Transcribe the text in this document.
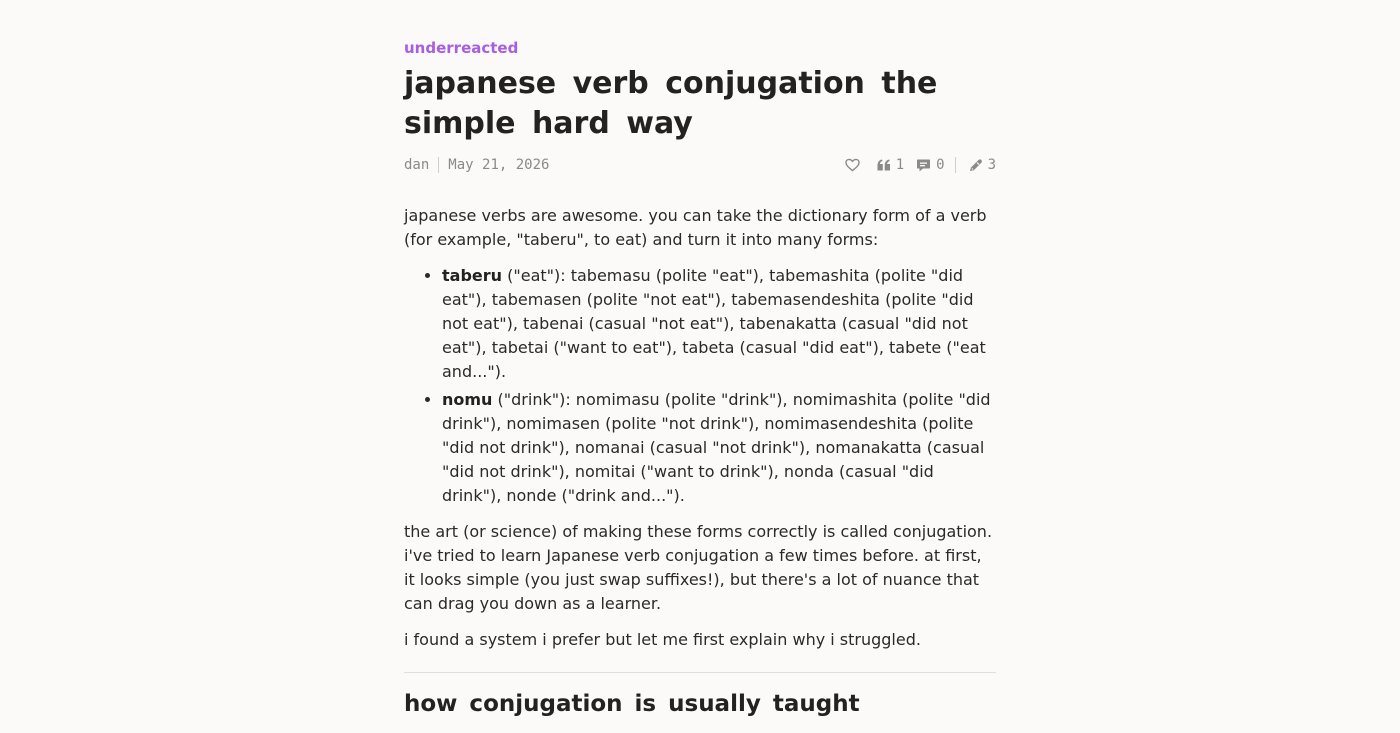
underreacted
japanese verb conjugation the simple hard way
dan May 21, 2026	1 0	3

japanese verbs are awesome. you can take the dictionary form of a verb (for example, "taberu", to eat) and turn it into many forms:

• taberu ("eat"): tabemasu (polite "eat"), tabemashita (polite "did eat"), tabemasen (polite "not eat"), tabemasendeshita (polite "did not eat"), tabenai (casual "not eat"), tabenakatta (casual "did not eat"), tabetai ("want to eat"), tabeta (casual "did eat"), tabete ("eat and...").
• nomu ("drink"): nomimasu (polite "drink"), nomimashita (polite "did drink"), nomimasen (polite "not drink"), nomimasendeshita (polite "did not drink"), nomanai (casual "not drink"), nomanakatta (casual "did not drink"), nomitai ("want to drink"), nonda (casual "did drink"), nonde ("drink and...").

the art (or science) of making these forms correctly is called conjugation. i've tried to learn Japanese verb conjugation a few times before. at first, it looks simple (you just swap suffixes!), but there's a lot of nuance that can drag you down as a learner.

i found a system i prefer but let me first explain why i struggled.

how conjugation is usually taught
